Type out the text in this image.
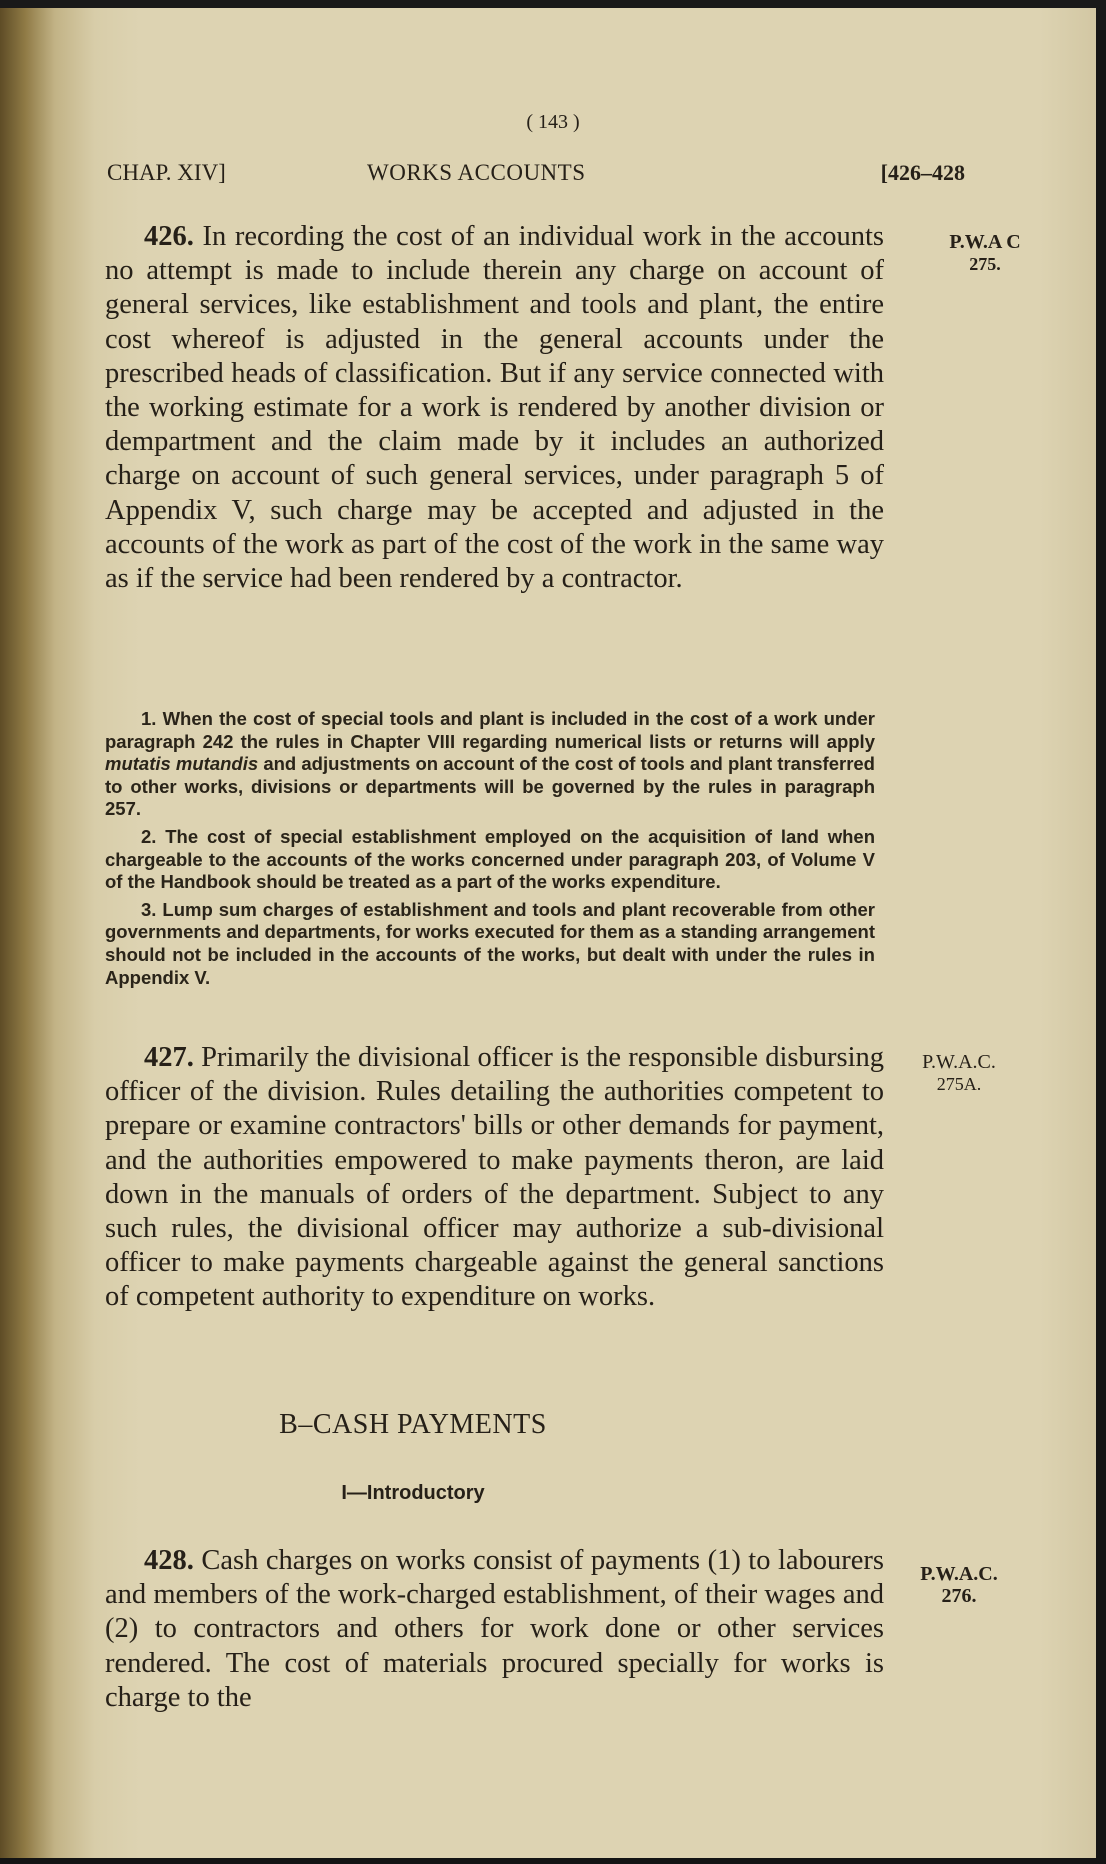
( 143 )
CHAP. XIV]	WORKS ACCOUNTS	[426–428

426. In recording the cost of an individual work in the accounts no attempt is made to include therein any charge on account of general services, like establishment and tools and plant, the entire cost whereof is adjusted in the general accounts under the prescribed heads of classification. But if any service connected with the working estimate for a work is rendered by another division or dempartment and the claim made by it includes an authorized charge on account of such general services, under paragraph 5 of Appendix V, such charge may be accepted and adjusted in the accounts of the work as part of the cost of the work in the same way as if the service had been rendered by a contractor.

P.W.A C
275.

1. When the cost of special tools and plant is included in the cost of a work under paragraph 242 the rules in Chapter VIII regarding numerical lists or returns will apply mutatis mutandis and adjustments on account of the cost of tools and plant transferred to other works, divisions or departments will be governed by the rules in paragraph 257.

2. The cost of special establishment employed on the acquisition of land when chargeable to the accounts of the works concerned under paragraph 203, of Volume V of the Handbook should be treated as a part of the works expenditure.

3. Lump sum charges of establishment and tools and plant recoverable from other governments and departments, for works executed for them as a standing arrangement should not be included in the accounts of the works, but dealt with under the rules in Appendix V.

427. Primarily the divisional officer is the responsible disbursing officer of the division. Rules detailing the authorities competent to prepare or examine contractors' bills or other demands for payment, and the authorities empowered to make payments theron, are laid down in the manuals of orders of the department. Subject to any such rules, the divisional officer may authorize a sub-divisional officer to make payments chargeable against the general sanctions of competent authority to expenditure on works.

P.W.A.C.
275A.
B–CASH PAYMENTS
I—Introductory

428. Cash charges on works consist of payments (1) to labourers and members of the work-charged establishment, of their wages and (2) to contractors and others for work done or other services rendered. The cost of materials procured specially for works is charge to the

P.W.A.C.
276.
